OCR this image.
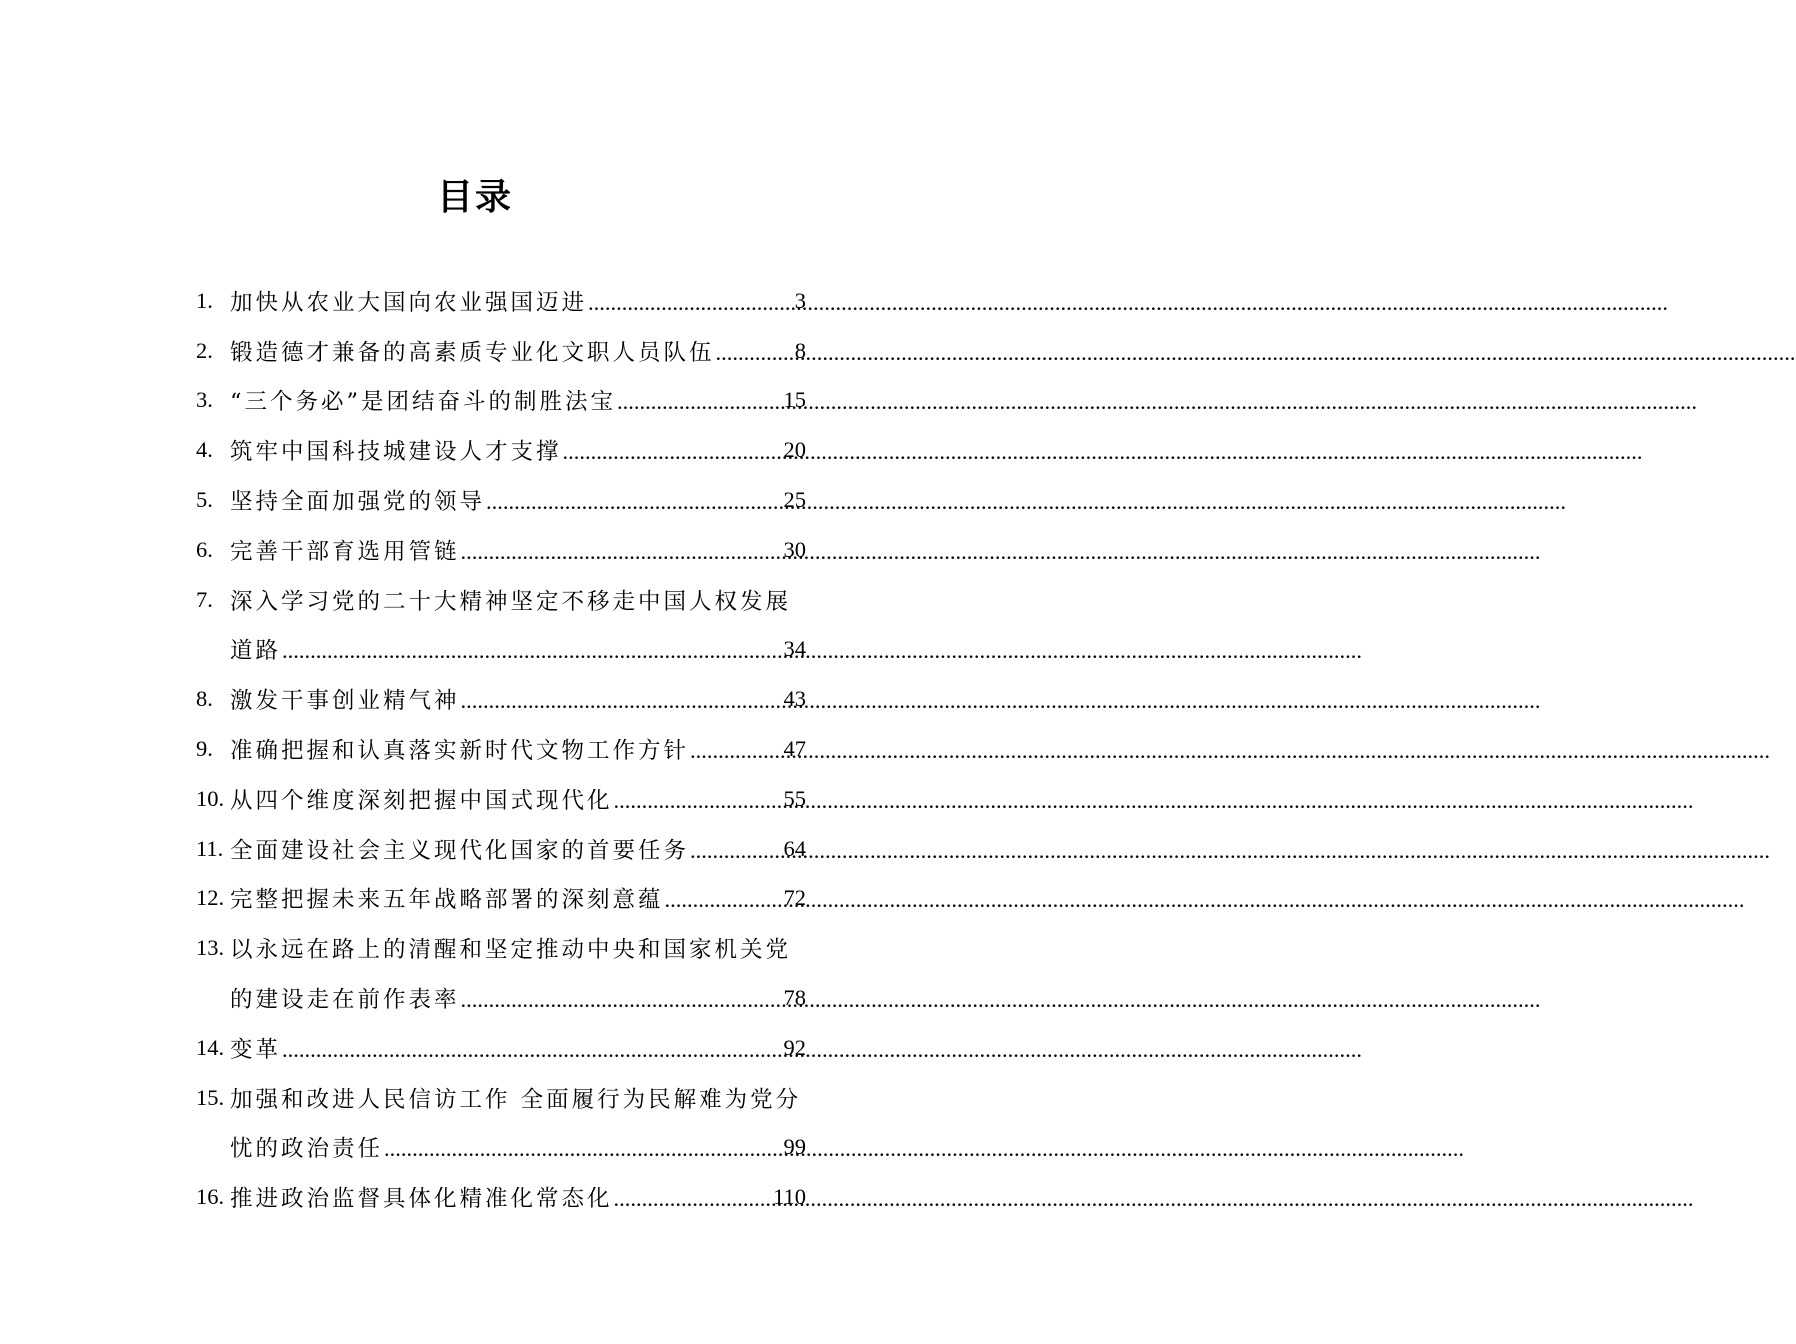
目录
1. 加快从农业大国向农业强国迈进 .....	3
2. 锻造德才兼备的高素质专业化文职人员队伍 .....	8
3. “三个务必”是团结奋斗的制胜法宝 .....	15
4. 筑牢中国科技城建设人才支撑 .....	20
5. 坚持全面加强党的领导 .....	25
6. 完善干部育选用管链 .....	30
7. 深入学习党的二十大精神坚定不移走中国人权发展
道路 .....	34
8. 激发干事创业精气神 .....	43
9. 准确把握和认真落实新时代文物工作方针 .....	47
10. 从四个维度深刻把握中国式现代化 .....	55
11. 全面建设社会主义现代化国家的首要任务 .....	64
12. 完整把握未来五年战略部署的深刻意蕴 .....	72
13. 以永远在路上的清醒和坚定推动中央和国家机关党
的建设走在前作表率 .....	78
14. 变革 .....	92
15. 加强和改进人民信访工作 全面履行为民解难为党分
忧的政治责任 .....	99
16. 推进政治监督具体化精准化常态化 .....	110
